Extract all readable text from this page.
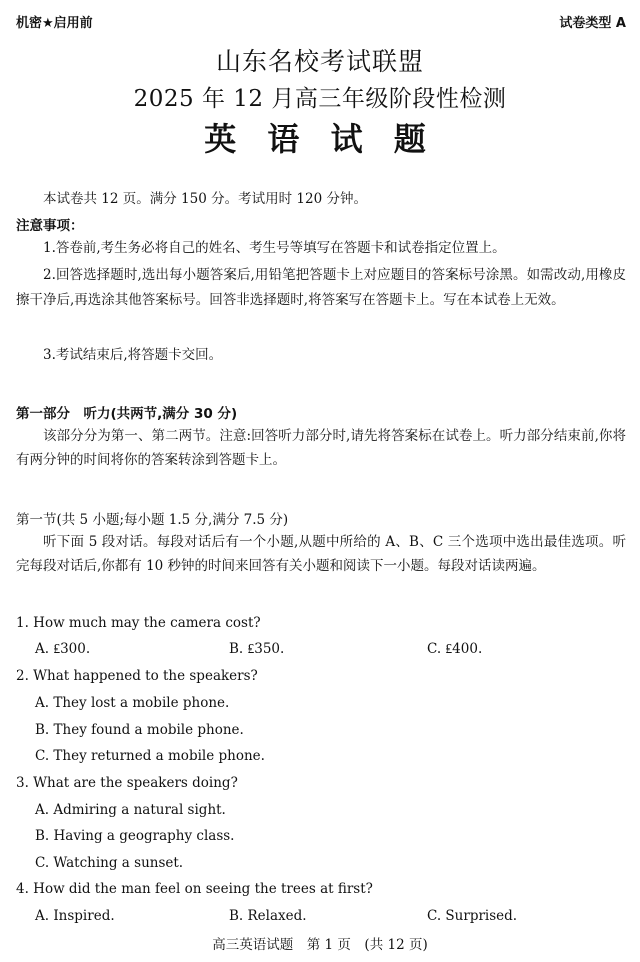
机密★启用前	试卷类型 A
山东名校考试联盟
2025 年 12 月高三年级阶段性检测
英 语 试 题
本试卷共 12 页。满分 150 分。考试用时 120 分钟。
注意事项：
1.答卷前,考生务必将自己的姓名、考生号等填写在答题卡和试卷指定位置上。
2.回答选择题时,选出每小题答案后,用铅笔把答题卡上对应题目的答案标号涂黑。如需改动,用橡皮擦干净后,再选涂其他答案标号。回答非选择题时,将答案写在答题卡上。写在本试卷上无效。
3.考试结束后,将答题卡交回。
第一部分　听力(共两节,满分 30 分)
该部分分为第一、第二两节。注意:回答听力部分时,请先将答案标在试卷上。听力部分结束前,你将有两分钟的时间将你的答案转涂到答题卡上。
第一节(共 5 小题;每小题 1.5 分,满分 7.5 分)
听下面 5 段对话。每段对话后有一个小题,从题中所给的 A、B、C 三个选项中选出最佳选项。听完每段对话后,你都有 10 秒钟的时间来回答有关小题和阅读下一小题。每段对话读两遍。
1. How much may the camera cost?
A. ₤300.	B. ₤350.	C. ₤400.
2. What happened to the speakers?
A. They lost a mobile phone.
B. They found a mobile phone.
C. They returned a mobile phone.
3. What are the speakers doing?
A. Admiring a natural sight.
B. Having a geography class.
C. Watching a sunset.
4. How did the man feel on seeing the trees at first?
A. Inspired.	B. Relaxed.	C. Surprised.
高三英语试题　第 1 页　(共 12 页)
